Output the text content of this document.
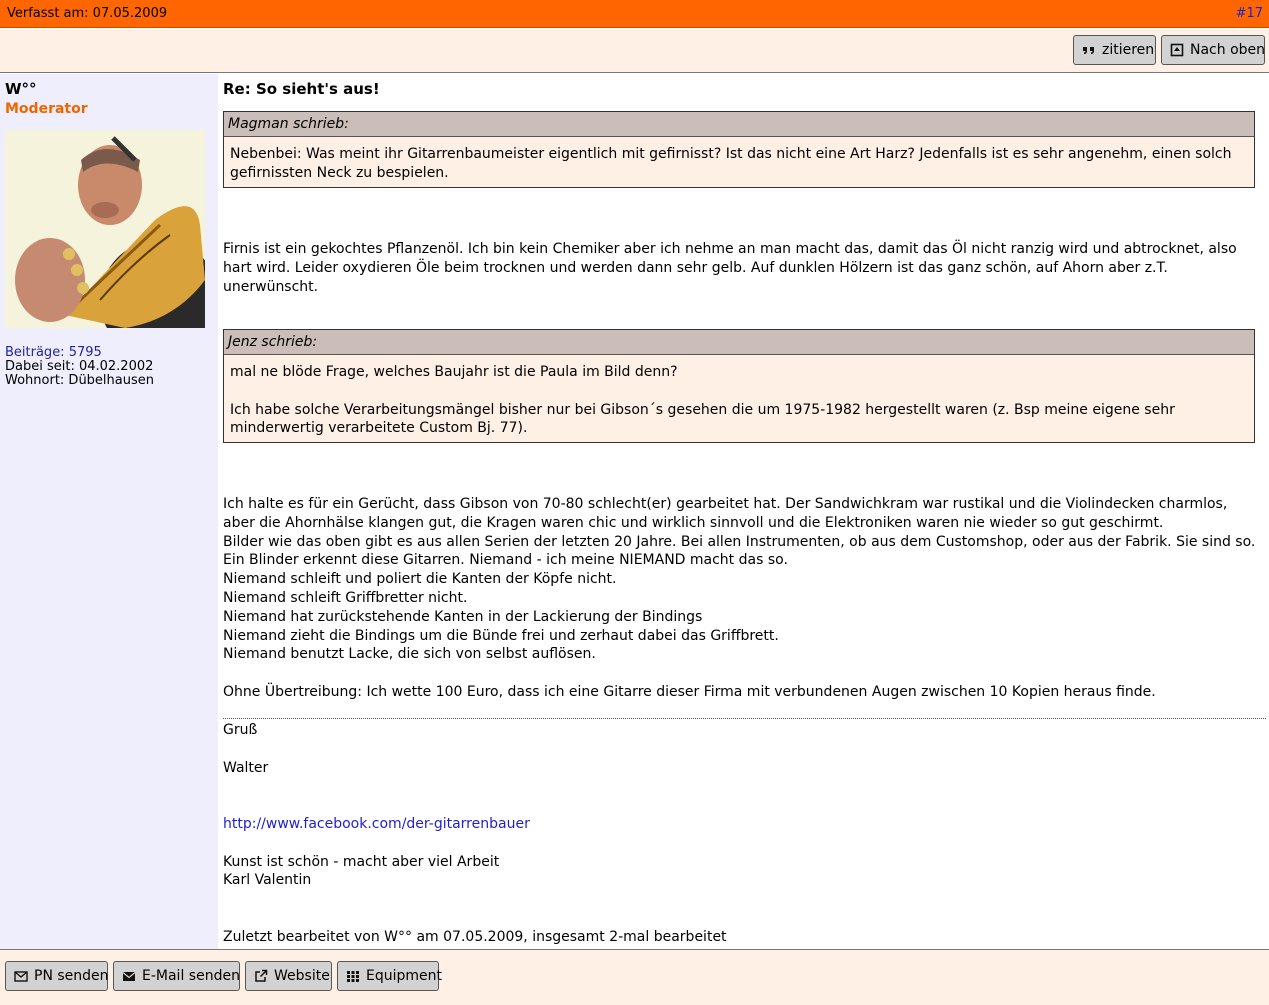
Verfasst am: 07.05.2009	#17
zitieren	Nach oben
W°°
Moderator
Beiträge: 5795
Dabei seit: 04.02.2002
Wohnort: Dübelhausen
Re: So sieht's aus!
Magman schrieb:
Nebenbei: Was meint ihr Gitarrenbaumeister eigentlich mit gefirnisst? Ist das nicht eine Art Harz? Jedenfalls ist es sehr angenehm, einen solch gefirnissten Neck zu bespielen.
Firnis ist ein gekochtes Pflanzenöl. Ich bin kein Chemiker aber ich nehme an man macht das, damit das Öl nicht ranzig wird und abtrocknet, also hart wird. Leider oxydieren Öle beim trocknen und werden dann sehr gelb. Auf dunklen Hölzern ist das ganz schön, auf Ahorn aber z.T. unerwünscht.
Jenz schrieb:
mal ne blöde Frage, welches Baujahr ist die Paula im Bild denn?
Ich habe solche Verarbeitungsmängel bisher nur bei Gibson´s gesehen die um 1975-1982 hergestellt waren (z. Bsp meine eigene sehr minderwertig verarbeitete Custom Bj. 77).
Ich halte es für ein Gerücht, dass Gibson von 70-80 schlecht(er) gearbeitet hat. Der Sandwichkram war rustikal und die Violindecken charmlos, aber die Ahornhälse klangen gut, die Kragen waren chic und wirklich sinnvoll und die Elektroniken waren nie wieder so gut geschirmt.
Bilder wie das oben gibt es aus allen Serien der letzten 20 Jahre. Bei allen Instrumenten, ob aus dem Customshop, oder aus der Fabrik. Sie sind so. Ein Blinder erkennt diese Gitarren. Niemand - ich meine NIEMAND macht das so.
Niemand schleift und poliert die Kanten der Köpfe nicht.
Niemand schleift Griffbretter nicht.
Niemand hat zurückstehende Kanten in der Lackierung der Bindings
Niemand zieht die Bindings um die Bünde frei und zerhaut dabei das Griffbrett.
Niemand benutzt Lacke, die sich von selbst auflösen.
Ohne Übertreibung: Ich wette 100 Euro, dass ich eine Gitarre dieser Firma mit verbundenen Augen zwischen 10 Kopien heraus finde.
Gruß
Walter
http://www.facebook.com/der-gitarrenbauer
Kunst ist schön - macht aber viel Arbeit
Karl Valentin
Zuletzt bearbeitet von W°° am 07.05.2009, insgesamt 2-mal bearbeitet
PN senden E-Mail senden Website	Equipment
